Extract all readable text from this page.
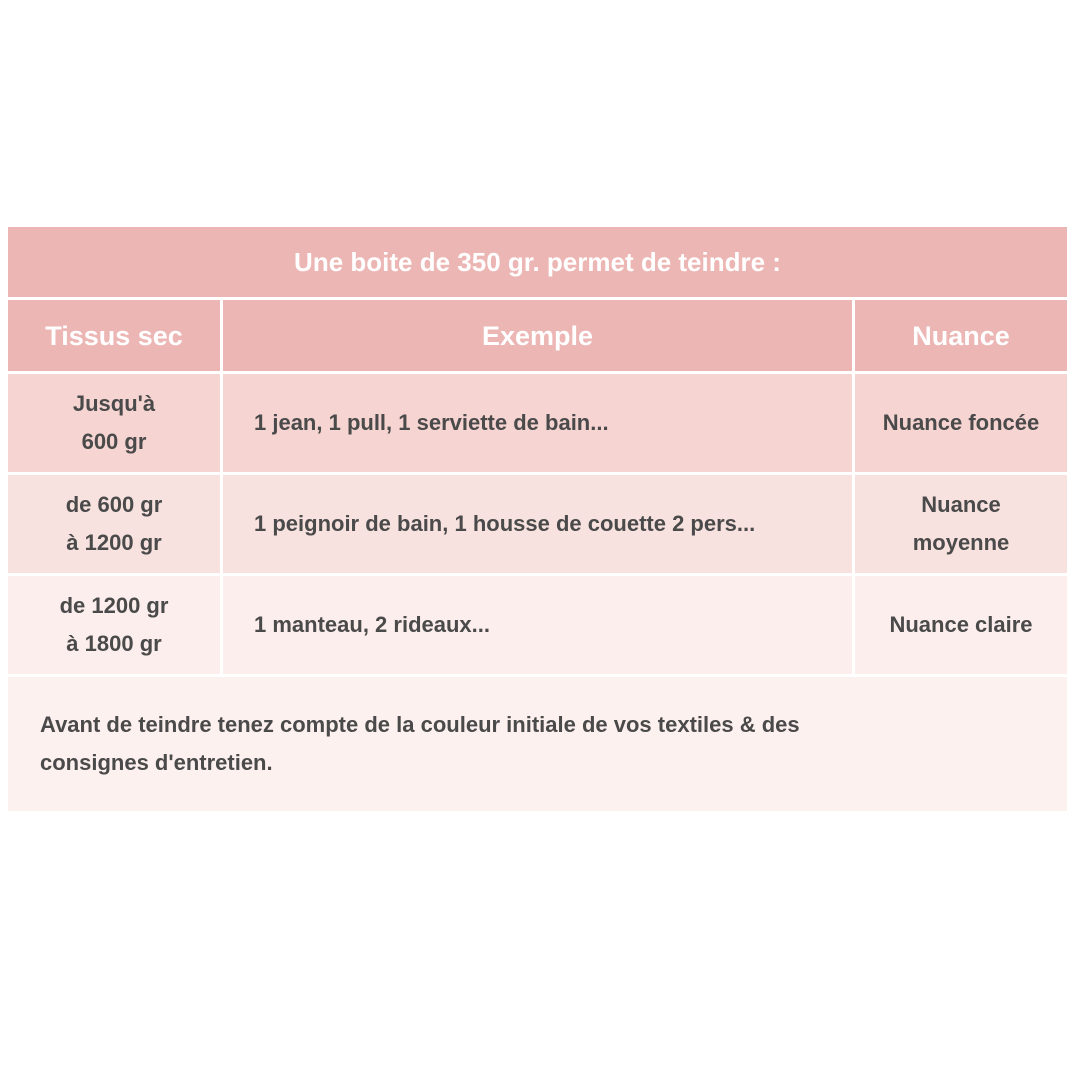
Une boite de 350 gr. permet de teindre :		
Tissus sec	Exemple	Nuance

Jusqu'à
600 gr	1 jean, 1 pull, 1 serviette de bain...	Nuance foncée

de 600 gr
à 1200 gr	1 peignoir de bain, 1 housse de couette 2 pers...	Nuance
moyenne

de 1200 gr
à 1800 gr	1 manteau, 2 rideaux...	Nuance claire

Avant de teindre tenez compte de la couleur initiale de vos textiles & des
consignes d'entretien.		
